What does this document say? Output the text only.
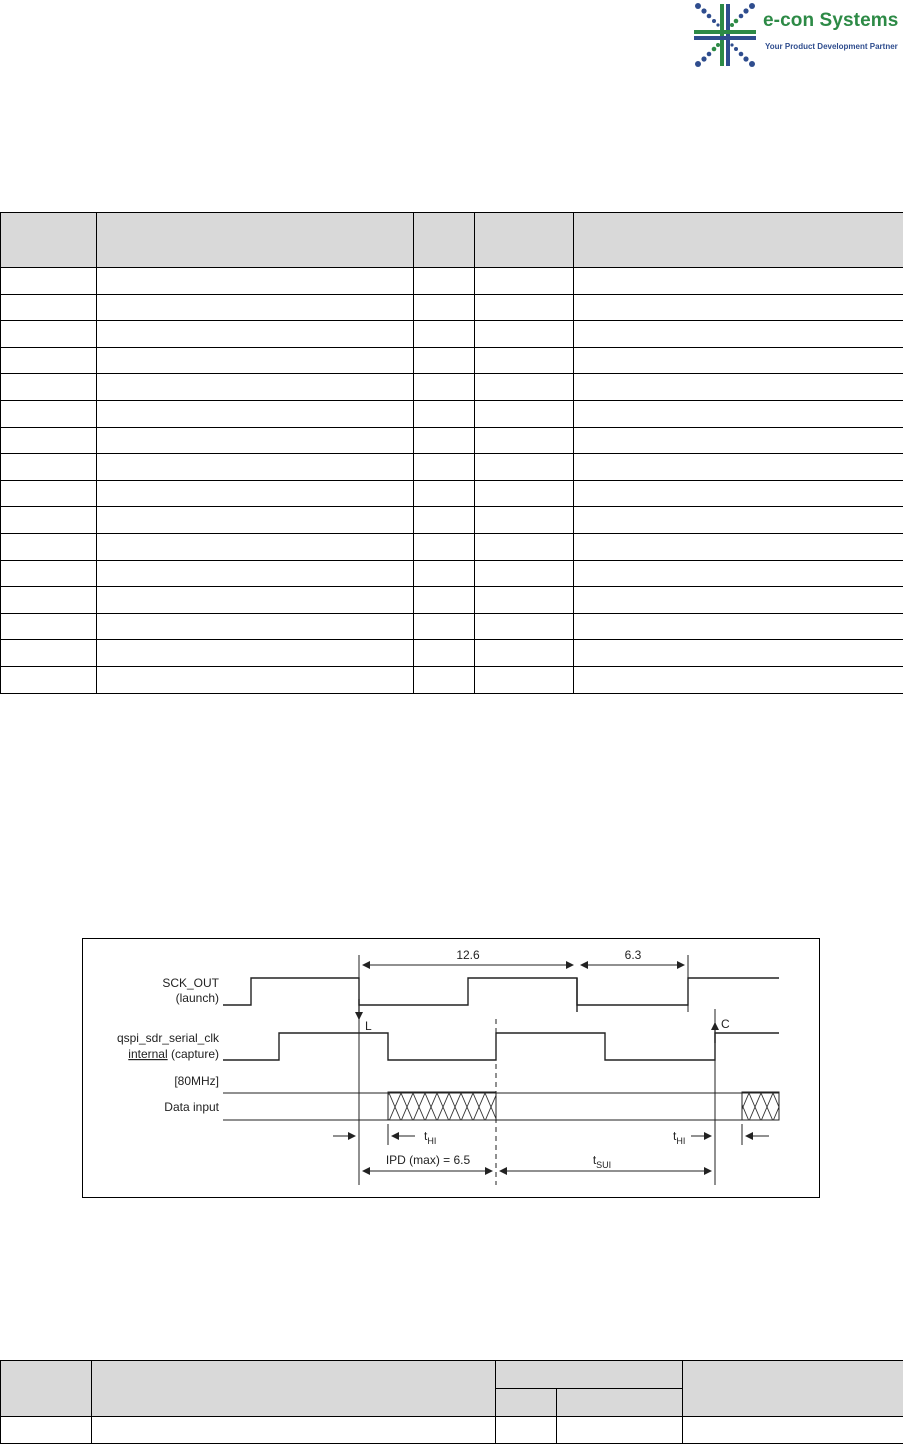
e-con Systems
Your Product Development Partner

SCK_OUT
(launch)
qspi_sdr_serial_clk
internal (capture)
[80MHz]
Data input
L	C
12.6	6.3
$t_{HI}$	$t_{HI}$
IPD (max) = 6.5	$t_{SUI}$
